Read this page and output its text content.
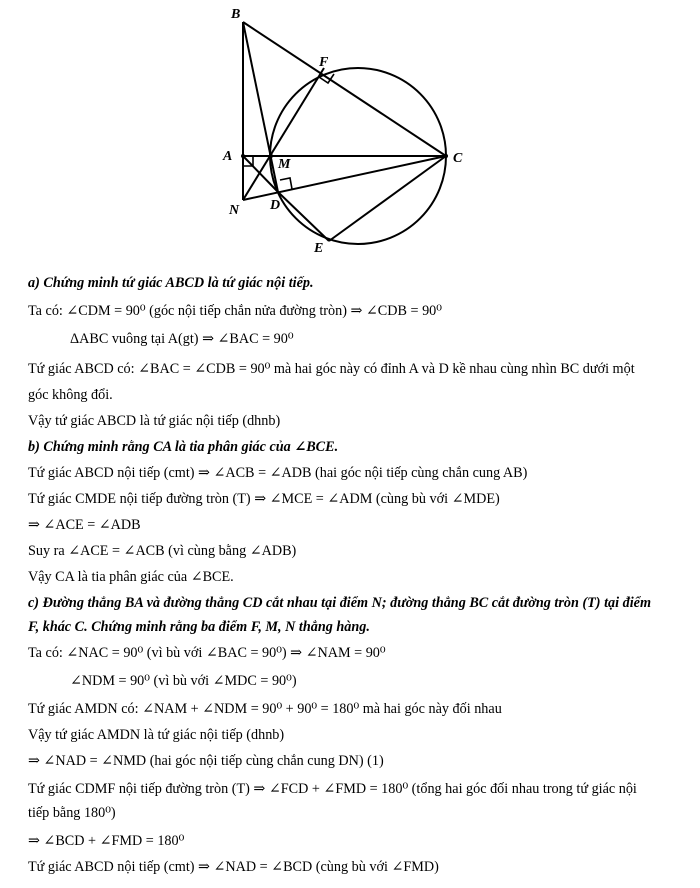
B
F
A
M	C
N D
E
a) Chứng minh tứ giác ABCD là tứ giác nội tiếp.
Ta có: ∠CDM = 90⁰ (góc nội tiếp chắn nửa đường tròn) ⇒ ∠CDB = 90⁰
ΔABC vuông tại A(gt) ⇒ ∠BAC = 90⁰
Tứ giác ABCD có: ∠BAC = ∠CDB = 90⁰ mà hai góc này có đỉnh A và D kề nhau cùng nhìn BC dưới một
góc không đổi.
Vậy tứ giác ABCD là tứ giác nội tiếp (dhnb)
b) Chứng minh rằng CA là tia phân giác của ∠BCE.
Tứ giác ABCD nội tiếp (cmt) ⇒ ∠ACB = ∠ADB (hai góc nội tiếp cùng chắn cung AB)
Tứ giác CMDE nội tiếp đường tròn (T) ⇒ ∠MCE = ∠ADM (cùng bù với ∠MDE)
⇒ ∠ACE = ∠ADB
Suy ra ∠ACE = ∠ACB (vì cùng bằng ∠ADB)
Vậy CA là tia phân giác của ∠BCE.
c) Đường thẳng BA và đường thẳng CD cắt nhau tại điểm N; đường thẳng BC cắt đường tròn (T) tại điểm
F, khác C. Chứng minh rằng ba điểm F, M, N thẳng hàng.
Ta có: ∠NAC = 90⁰ (vì bù với ∠BAC = 90⁰) ⇒ ∠NAM = 90⁰
∠NDM = 90⁰ (vì bù với ∠MDC = 90⁰)
Tứ giác AMDN có: ∠NAM + ∠NDM = 90⁰ + 90⁰ = 180⁰ mà hai góc này đối nhau
Vậy tứ giác AMDN là tứ giác nội tiếp (dhnb)
⇒ ∠NAD = ∠NMD (hai góc nội tiếp cùng chắn cung DN) (1)
Tứ giác CDMF nội tiếp đường tròn (T) ⇒ ∠FCD + ∠FMD = 180⁰ (tổng hai góc đối nhau trong tứ giác nội
tiếp bằng 180⁰)
⇒ ∠BCD + ∠FMD = 180⁰
Tứ giác ABCD nội tiếp (cmt) ⇒ ∠NAD = ∠BCD (cùng bù với ∠FMD)
